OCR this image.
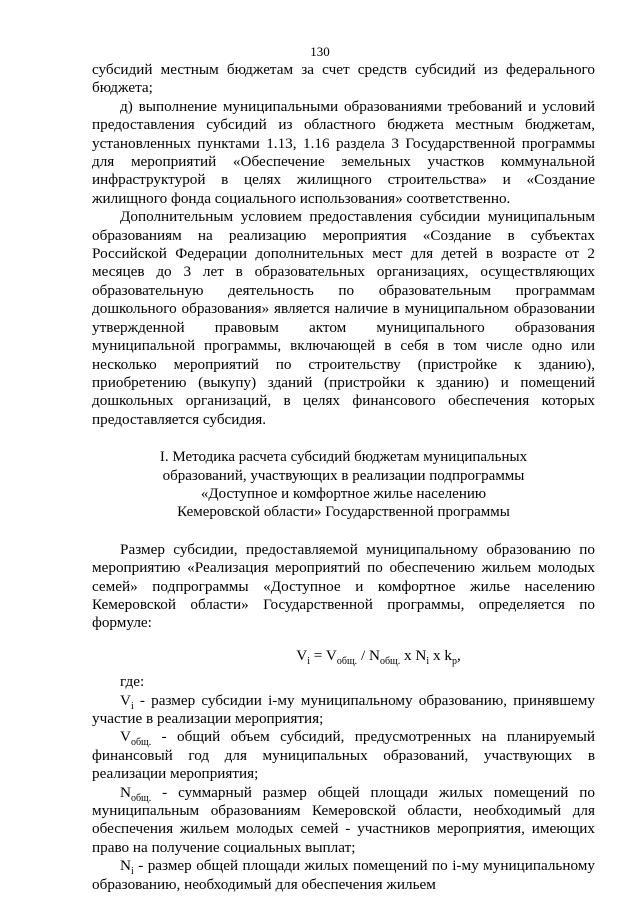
130

субсидий местным бюджетам за счет средств субсидий из федерального бюджета;

д) выполнение муниципальными образованиями требований и условий предоставления субсидий из областного бюджета местным бюджетам, установленных пунктами 1.13, 1.16 раздела 3 Государственной программы для мероприятий «Обеспечение земельных участков коммунальной инфраструктурой в целях жилищного строительства» и «Создание жилищного фонда социального использования» соответственно.

Дополнительным условием предоставления субсидии муниципальным образованиям на реализацию мероприятия «Создание в субъектах Российской Федерации дополнительных мест для детей в возрасте от 2 месяцев до 3 лет в образовательных организациях, осуществляющих образовательную деятельность по образовательным программам дошкольного образования» является наличие в муниципальном образовании утвержденной правовым актом муниципального образования муниципальной программы, включающей в себя в том числе одно или несколько мероприятий по строительству (пристройке к зданию), приобретению (выкупу) зданий (пристройки к зданию) и помещений дошкольных организаций, в целях финансового обеспечения которых предоставляется субсидия.

I. Методика расчета субсидий бюджетам муниципальных
образований, участвующих в реализации подпрограммы
«Доступное и комфортное жилье населению
Кемеровской области» Государственной программы

Размер субсидии, предоставляемой муниципальному образованию по мероприятию «Реализация мероприятий по обеспечению жильем молодых семей» подпрограммы «Доступное и комфортное жилье населению Кемеровской области» Государственной программы, определяется по формуле:

$V_i = V_{общ.} / N_{общ.}$ x $N_i$ x $k_p$,

где:

$V_i$ - размер субсидии i-му муниципальному образованию, принявшему участие в реализации мероприятия;

$V_{общ.}$ - общий объем субсидий, предусмотренных на планируемый финансовый год для муниципальных образований, участвующих в реализации мероприятия;

$N_{общ.}$ - суммарный размер общей площади жилых помещений по муниципальным образованиям Кемеровской области, необходимый для обеспечения жильем молодых семей - участников мероприятия, имеющих право на получение социальных выплат;

$N_i$ - размер общей площади жилых помещений по i-му муниципальному образованию, необходимый для обеспечения жильем
